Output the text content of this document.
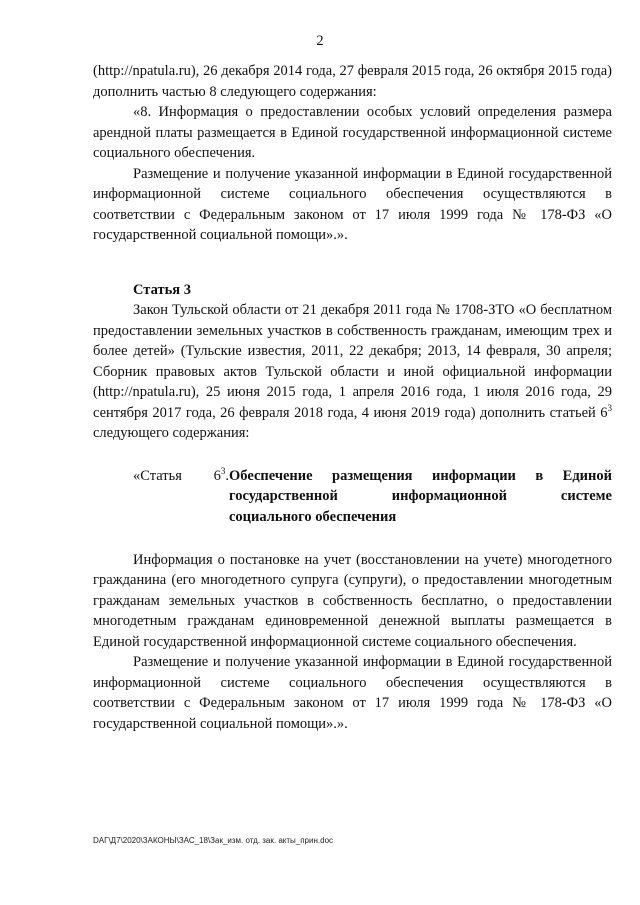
2

(http://npatula.ru), 26 декабря 2014 года, 27 февраля 2015 года, 26 октября 2015 года) дополнить частью 8 следующего содержания:

«8. Информация о предоставлении особых условий определения размера арендной платы размещается в Единой государственной информационной системе социального обеспечения.

Размещение и получение указанной информации в Единой государственной информационной системе социального обеспечения осуществляются в соответствии с Федеральным законом от 17 июля 1999 года № 178-ФЗ «О государственной социальной помощи».».

Статья 3

Закон Тульской области от 21 декабря 2011 года № 1708-ЗТО «О бесплатном предоставлении земельных участков в собственность гражданам, имеющим трех и более детей» (Тульские известия, 2011, 22 декабря; 2013, 14 февраля, 30 апреля; Сборник правовых актов Тульской области и иной официальной информации (http://npatula.ru), 25 июня 2015 года, 1 апреля 2016 года, 1 июля 2016 года, 29 сентября 2017 года, 26 февраля 2018 года, 4 июня 2019 года) дополнить статьей $6^3$ следующего содержания:

«Статья $6^3$. Обеспечение размещения информации в Единой государственной информационной системе
социального обеспечения

Информация о постановке на учет (восстановлении на учете) многодетного гражданина (его многодетного супруга (супруги), о предоставлении многодетным гражданам земельных участков в собственность бесплатно, о предоставлении многодетным гражданам единовременной денежной выплаты размещается в Единой государственной информационной системе социального обеспечения.

Размещение и получение указанной информации в Единой государственной информационной системе социального обеспечения осуществляются в соответствии с Федеральным законом от 17 июля 1999 года № 178-ФЗ «О государственной социальной помощи».».

DAГ\Д7\2020\ЗАКОНЫ\ЗАС_18\Зак_изм. отд. зак. акты_прин.doc
